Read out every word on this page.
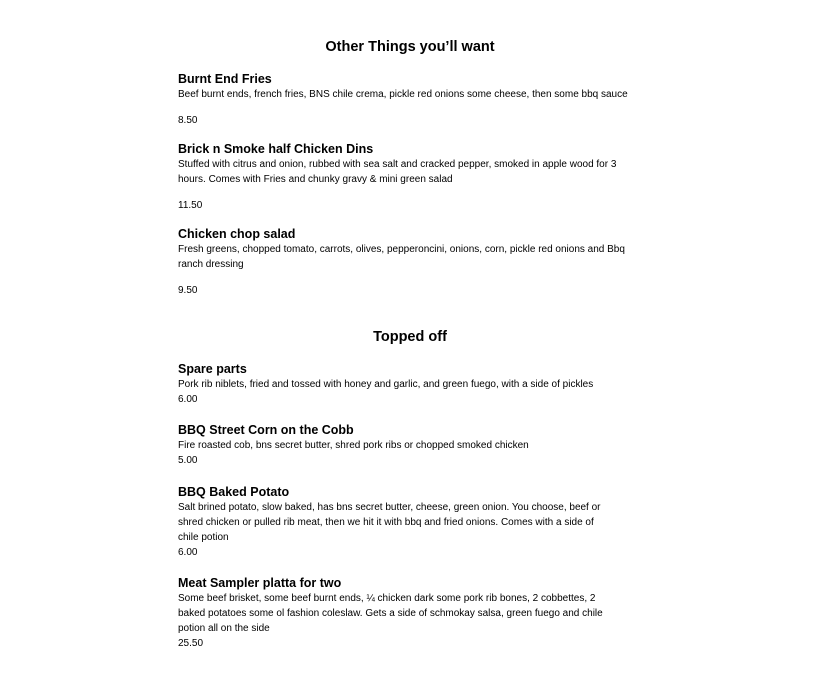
Other Things you’ll want

Burnt End Fries

Beef burnt ends, french fries, BNS chile crema, pickle red onions some cheese, then some bbq sauce

8.50

Brick n Smoke half Chicken Dins

Stuffed with citrus and onion, rubbed with sea salt and cracked pepper, smoked in apple wood for 3

hours. Comes with Fries and chunky gravy & mini green salad

11.50

Chicken chop salad

Fresh greens, chopped tomato, carrots, olives, pepperoncini, onions, corn, pickle red onions and Bbq

ranch dressing

9.50

Topped off

Spare parts

Pork rib niblets, fried and tossed with honey and garlic, and green fuego, with a side of pickles

6.00

BBQ Street Corn on the Cobb

Fire roasted cob, bns secret butter, shred pork ribs or chopped smoked chicken

5.00

BBQ Baked Potato

Salt brined potato, slow baked, has bns secret butter, cheese, green onion. You choose, beef or

shred chicken or pulled rib meat, then we hit it with bbq and fried onions. Comes with a side of

chile potion

6.00

Meat Sampler platta for two

Some beef brisket, some beef burnt ends, ¼ chicken dark some pork rib bones, 2 cobbettes, 2

baked potatoes some ol fashion coleslaw. Gets a side of schmokay salsa, green fuego and chile

potion all on the side

25.50
